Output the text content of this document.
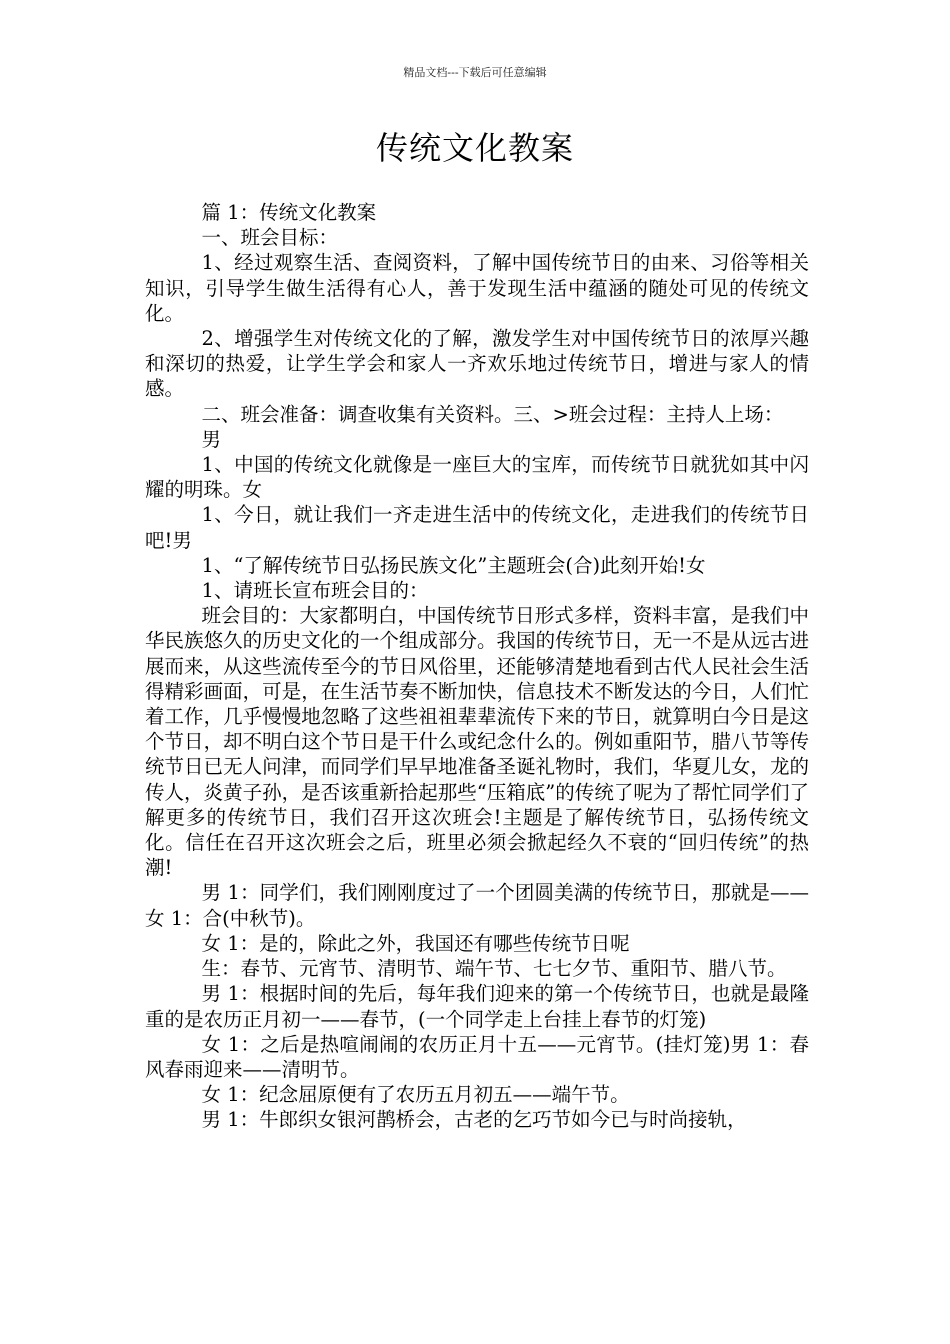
精品文档---下载后可任意编辑
传统文化教案

篇 1：传统文化教案

一、班会目标：

1、经过观察生活、查阅资料，了解中国传统节日的由来、习俗等相关知识，引导学生做生活得有心人，善于发现生活中蕴涵的随处可见的传统文化。

2、增强学生对传统文化的了解，激发学生对中国传统节日的浓厚兴趣和深切的热爱，让学生学会和家人一齐欢乐地过传统节日，增进与家人的情感。

二、班会准备：调查收集有关资料。三、>班会过程：主持人上场：

男

1、中国的传统文化就像是一座巨大的宝库，而传统节日就犹如其中闪耀的明珠。女

1、今日，就让我们一齐走进生活中的传统文化，走进我们的传统节日吧!男

1、“了解传统节日弘扬民族文化”主题班会(合)此刻开始!女

1、请班长宣布班会目的：

班会目的：大家都明白，中国传统节日形式多样，资料丰富，是我们中华民族悠久的历史文化的一个组成部分。我国的传统节日，无一不是从远古进展而来，从这些流传至今的节日风俗里，还能够清楚地看到古代人民社会生活得精彩画面，可是，在生活节奏不断加快，信息技术不断发达的今日，人们忙着工作，几乎慢慢地忽略了这些祖祖辈辈流传下来的节日，就算明白今日是这个节日，却不明白这个节日是干什么或纪念什么的。例如重阳节，腊八节等传统节日已无人问津，而同学们早早地准备圣诞礼物时，我们，华夏儿女，龙的传人，炎黄子孙，是否该重新拾起那些“压箱底”的传统了呢为了帮忙同学们了解更多的传统节日，我们召开这次班会!主题是了解传统节日，弘扬传统文化。信任在召开这次班会之后，班里必须会掀起经久不衰的“回归传统”的热潮!

男 1：同学们，我们刚刚度过了一个团圆美满的传统节日，那就是——女 1：合(中秋节)。

女 1：是的，除此之外，我国还有哪些传统节日呢

生：春节、元宵节、清明节、端午节、七七夕节、重阳节、腊八节。

男 1：根据时间的先后，每年我们迎来的第一个传统节日，也就是最隆重的是农历正月初一——春节，(一个同学走上台挂上春节的灯笼)

女 1：之后是热喧闹闹的农历正月十五——元宵节。(挂灯笼)男 1：春风春雨迎来——清明节。

女 1：纪念屈原便有了农历五月初五——端午节。

男 1：牛郎织女银河鹊桥会，古老的乞巧节如今已与时尚接轨，
